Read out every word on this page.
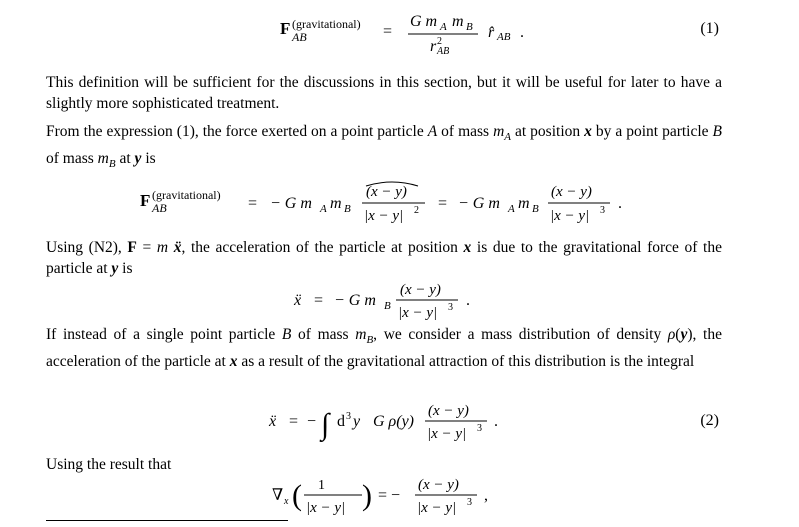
F (gravitational)
AB	=
G m A m B
r 2
AB
r̂ AB .	(1)
This definition will be sufficient for the discussions in this section, but it will be useful for later to have a slightly more sophisticated treatment.
From the expression (1), the force exerted on a point particle A of mass $m_A$ at position x by a point particle B of mass $m_B$ at y is
F (gravitational)
AB	= − G m A m B
(x − y)
|x − y| 2 = − G m A m B
(x − y)
|x − y| 3 .
Using (N2), F = m ẍ, the acceleration of the particle at position x is due to the gravitational force of the particle at y is
ẍ = − G m B
(x − y)
|x − y| 3 .
If instead of a single point particle B of mass $m_B$, we consider a mass distribution of density ρ(y), the acceleration of the particle at x as a result of the gravitational attraction of this distribution is the integral
ẍ = − ∫ d 3 y G ρ(y)
(x − y)
|x − y| 3 .	(2)
Using the result that
∇ x ( 1
|x − y| ) = −
(x − y)
|x − y| 3 ,
